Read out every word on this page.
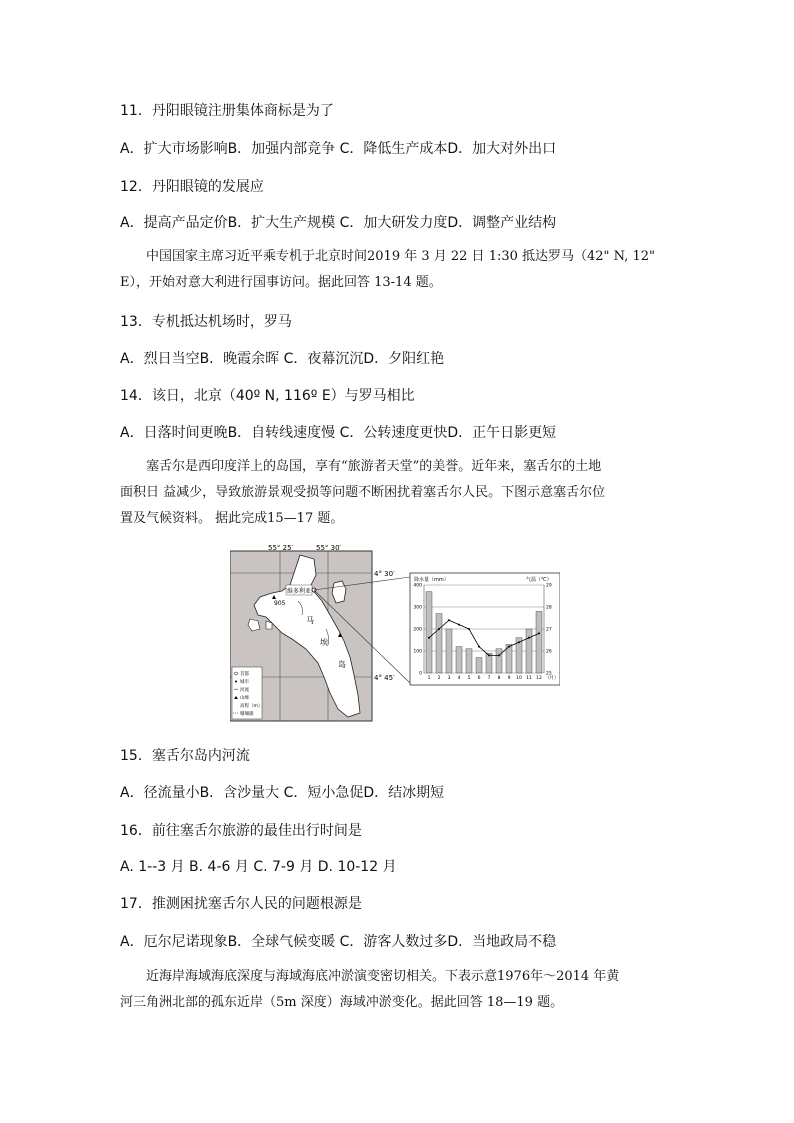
11．丹阳眼镜注册集体商标是为了
A．扩大市场影响B．加强内部竞争 C．降低生产成本D．加大对外出口
12．丹阳眼镜的发展应
A．提高产品定价B．扩大生产规模 C．加大研发力度D．调整产业结构
中国国家主席习近平乘专机于北京时间2019 年 3 月 22 日 1:30 抵达罗马（42" N, 12"
E），开始对意大利进行国事访问。据此回答 13-14 题。
13．专机抵达机场时，罗马
A．烈日当空B．晚霞余晖 C．夜幕沉沉D．夕阳红艳
14．该日，北京（40º N, 116º E）与罗马相比
A．日落时间更晚B．自转线速度慢 C．公转速度更快D．正午日影更短
塞舌尔是西印度洋上的岛国，享有“旅游者天堂”的美誉。近年来，塞舌尔的土地
面积日 益减少，导致旅游景观受损等问题不断困扰着塞舌尔人民。下图示意塞舌尔位
置及气候资料。 据此完成15—17 题。
55° 25′	55° 30′
4° 30′
4° 45′
维多利亚
905
马
埃
岛
首都
城市
河流
山峰
高程（m）
珊瑚礁
降水量（mm）	气温（℃）
400
300
200
100
0
29
28
27
26
25
1 2 3 4 5 6 7 8 9 10 11 12 （月）
15．塞舌尔岛内河流
A．径流量小B．含沙量大 C．短小急促D．结冰期短
16．前往塞舌尔旅游的最佳出行时间是
A. 1--3 月 B. 4-6 月 C. 7-9 月 D. 10-12 月
17．推测困扰塞舌尔人民的问题根源是
A．厄尔尼诺现象B．全球气候变暖 C．游客人数过多D．当地政局不稳
近海岸海域海底深度与海域海底冲淤演变密切相关。下表示意1976年～2014 年黄
河三角洲北部的孤东近岸（5m 深度）海域冲淤变化。据此回答 18—19 题。
